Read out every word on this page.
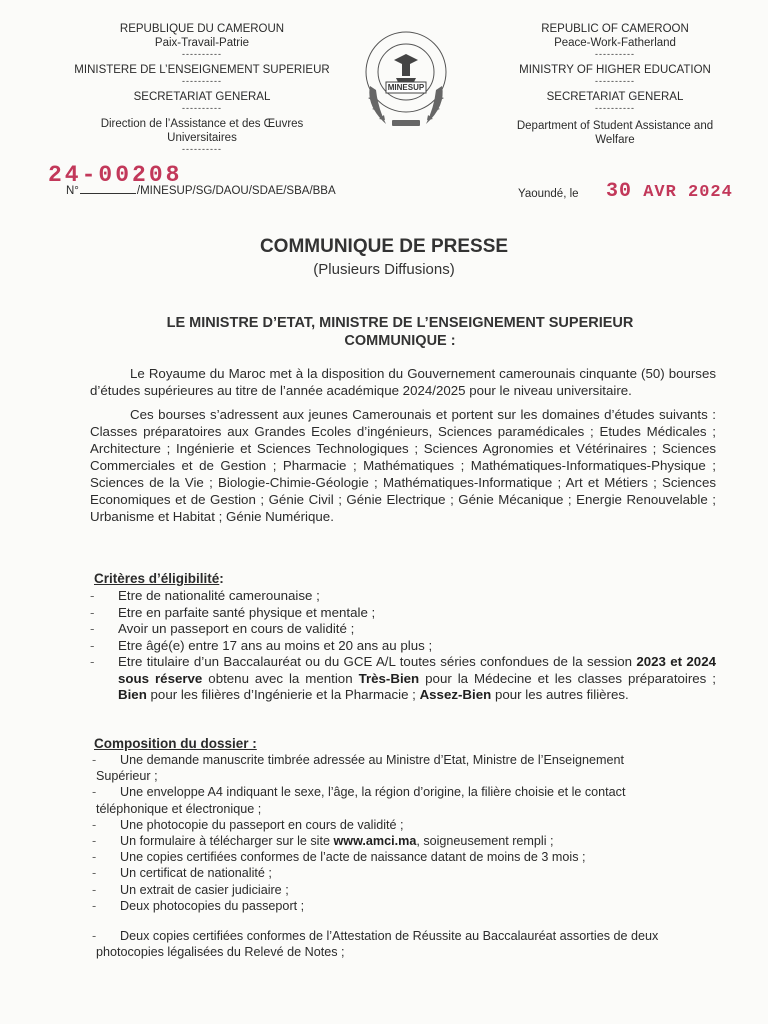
REPUBLIQUE DU CAMEROUN
Paix-Travail-Patrie
----------
MINISTERE DE L’ENSEIGNEMENT SUPERIEUR
----------
SECRETARIAT GENERAL
----------
Direction de l’Assistance et des Œuvres
Universitaires
----------
MINESUP
REPUBLIC OF CAMEROON
Peace-Work-Fatherland
----------
MINISTRY OF HIGHER EDUCATION
----------
SECRETARIAT GENERAL
----------
Department of Student Assistance and
Welfare
24-00208
N°	/MINESUP/SG/DAOU/SDAE/SBA/BBA	Yaoundé, le 30 AVR 2024
COMMUNIQUE DE PRESSE
(Plusieurs Diffusions)
LE MINISTRE D’ETAT, MINISTRE DE L’ENSEIGNEMENT SUPERIEUR
COMMUNIQUE :
Le Royaume du Maroc met à la disposition du Gouvernement camerounais cinquante (50) bourses d’études supérieures au titre de l’année académique 2024/2025 pour le niveau universitaire.
Ces bourses s’adressent aux jeunes Camerounais et portent sur les domaines d’études suivants : Classes préparatoires aux Grandes Ecoles d’ingénieurs, Sciences paramédicales ; Etudes Médicales ; Architecture ; Ingénierie et Sciences Technologiques ; Sciences Agronomies et Vétérinaires ; Sciences Commerciales et de Gestion ; Pharmacie ; Mathématiques ; Mathématiques-Informatiques-Physique ; Sciences de la Vie ; Biologie-Chimie-Géologie ; Mathématiques-Informatique ; Art et Métiers ; Sciences Economiques et de Gestion ; Génie Civil ; Génie Electrique ; Génie Mécanique ; Energie Renouvelable ; Urbanisme et Habitat ; Génie Numérique.
Critères d’éligibilité:
- Etre de nationalité camerounaise ;
- Etre en parfaite santé physique et mentale ;
- Avoir un passeport en cours de validité ;
- Etre âgé(e) entre 17 ans au moins et 20 ans au plus ;
- Etre titulaire d’un Baccalauréat ou du GCE A/L toutes séries confondues de la session 2023 et 2024 sous réserve obtenu avec la mention Très-Bien pour la Médecine et les classes préparatoires ; Bien pour les filières d’Ingénierie et la Pharmacie ; Assez-Bien pour les autres filières.
Composition du dossier :
- Une demande manuscrite timbrée adressée au Ministre d’Etat, Ministre de l’Enseignement
Supérieur ;
- Une enveloppe A4 indiquant le sexe, l’âge, la région d’origine, la filière choisie et le contact
téléphonique et électronique ;
- Une photocopie du passeport en cours de validité ;
- Un formulaire à télécharger sur le site www.amci.ma, soigneusement rempli ;
- Une copies certifiées conformes de l’acte de naissance datant de moins de 3 mois ;
- Un certificat de nationalité ;
- Un extrait de casier judiciaire ;
- Deux photocopies du passeport ;
- Deux copies certifiées conformes de l’Attestation de Réussite au Baccalauréat assorties de deux
photocopies légalisées du Relevé de Notes ;
